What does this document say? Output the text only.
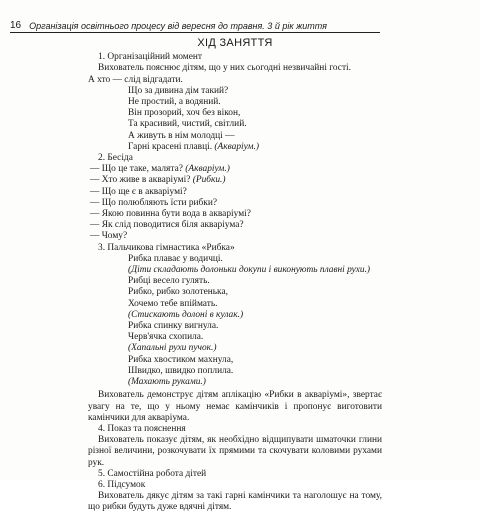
16 Організація освітнього процесу від вересня до травня. 3 й рік життя
ХІД ЗАНЯТТЯ
1. Організаційний момент
Вихователь пояснює дітям, що у них сьогодні незвичайні гості.
А хто — слід відгадати.
Що за дивина дім такий?
Не простий, а водяний.
Він прозорий, хоч без вікон,
Та красивий, чистий, світлий.
А живуть в нім молодці —
Гарні красені плавці. (Акваріум.)
2. Бесіда
— Що це таке, малята? (Акваріум.)
— Хто живе в акваріумі? (Рибки.)
— Що ще є в акваріумі?
— Що полюбляють їсти рибки?
— Якою повинна бути вода в акваріумі?
— Як слід поводитися біля акваріума?
— Чому?
3. Пальчикова гімнастика «Рибка»
Рибка плаває у водичці.
(Діти складають долоньки докупи і виконують плавні рухи.)
Рибці весело гулять.
Рибко, рибко золотенька,
Хочемо тебе впіймать.
(Стискають долоні в кулак.)
Рибка спинку вигнула.
Черв'ячка схопила.
(Хапальні рухи пучок.)
Рибка хвостиком махнула,
Швидко, швидко поплила.
(Махають руками.)
Вихователь демонструє дітям аплікацію «Рибки в акваріумі», звертає увагу на те, що у ньому немає камінчиків і пропонує виготовити камінчики для акваріума.
4. Показ та пояснення
Вихователь показує дітям, як необхідно відщипувати шматочки глини різної величини, розкочувати їх прямими та скочувати коловими рухами рук.
5. Самостійна робота дітей
6. Підсумок
Вихователь дякує дітям за такі гарні камінчики та наголошує на тому, що рибки будуть дуже вдячні дітям.
